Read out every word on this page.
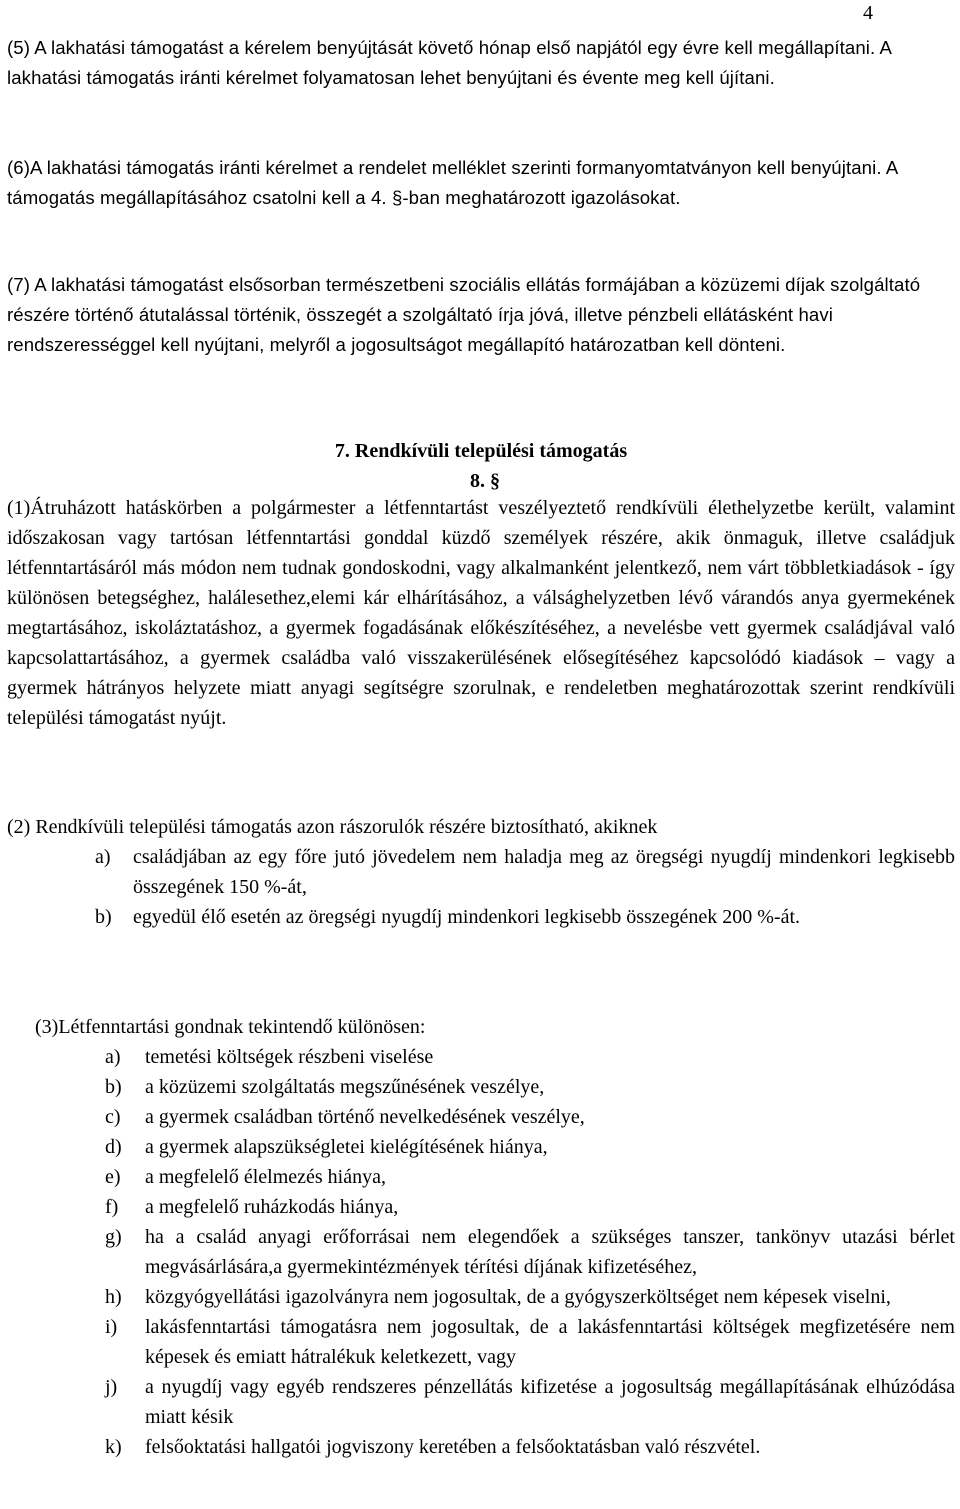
4

(5) A lakhatási támogatást a kérelem benyújtását követő hónap első napjától egy évre kell megállapítani. A lakhatási támogatás iránti kérelmet folyamatosan lehet benyújtani és évente meg kell újítani.

(6)A lakhatási támogatás iránti kérelmet a rendelet melléklet szerinti formanyomtatványon kell benyújtani. A támogatás megállapításához csatolni kell a 4. §-ban meghatározott igazolásokat.

(7) A lakhatási támogatást elsősorban természetbeni szociális ellátás formájában a közüzemi díjak szolgáltató részére történő átutalással történik, összegét a szolgáltató írja jóvá, illetve pénzbeli ellátásként havi rendszerességgel kell nyújtani, melyről a jogosultságot megállapító határozatban kell dönteni.

7. Rendkívüli települési támogatás
8. §

(1)Átruházott hatáskörben a polgármester a létfenntartást veszélyeztető rendkívüli élethelyzetbe került, valamint időszakosan vagy tartósan létfenntartási gonddal küzdő személyek részére, akik önmaguk, illetve családjuk létfenntartásáról más módon nem tudnak gondoskodni, vagy alkalmanként jelentkező, nem várt többletkiadások - így különösen betegséghez, halálesethez,elemi kár elhárításához, a válsághelyzetben lévő várandós anya gyermekének megtartásához, iskoláztatáshoz, a gyermek fogadásának előkészítéséhez, a nevelésbe vett gyermek családjával való kapcsolattartásához, a gyermek családba való visszakerülésének elősegítéséhez kapcsolódó kiadások – vagy a gyermek hátrányos helyzete miatt anyagi segítségre szorulnak, e rendeletben meghatározottak szerint rendkívüli települési támogatást nyújt.

(2) Rendkívüli települési támogatás azon rászorulók részére biztosítható, akiknek

a) családjában az egy főre jutó jövedelem nem haladja meg az öregségi nyugdíj mindenkori legkisebb összegének 150 %-át,
b) egyedül élő esetén az öregségi nyugdíj mindenkori legkisebb összegének 200 %-át.

(3)Létfenntartási gondnak tekintendő különösen:

a) temetési költségek részbeni viselése
b) a közüzemi szolgáltatás megszűnésének veszélye,
c) a gyermek családban történő nevelkedésének veszélye,
d) a gyermek alapszükségletei kielégítésének hiánya,
e) a megfelelő élelmezés hiánya,
f) a megfelelő ruházkodás hiánya,
g) ha a család anyagi erőforrásai nem elegendőek a szükséges tanszer, tankönyv utazási bérlet megvásárlására,a gyermekintézmények térítési díjának kifizetéséhez,
h) közgyógyellátási igazolványra nem jogosultak, de a gyógyszerköltséget nem képesek viselni,
i) lakásfenntartási támogatásra nem jogosultak, de a lakásfenntartási költségek megfizetésére nem képesek és emiatt hátralékuk keletkezett, vagy
j) a nyugdíj vagy egyéb rendszeres pénzellátás kifizetése a jogosultság megállapításának elhúzódása miatt késik
k) felsőoktatási hallgatói jogviszony keretében a felsőoktatásban való részvétel.
